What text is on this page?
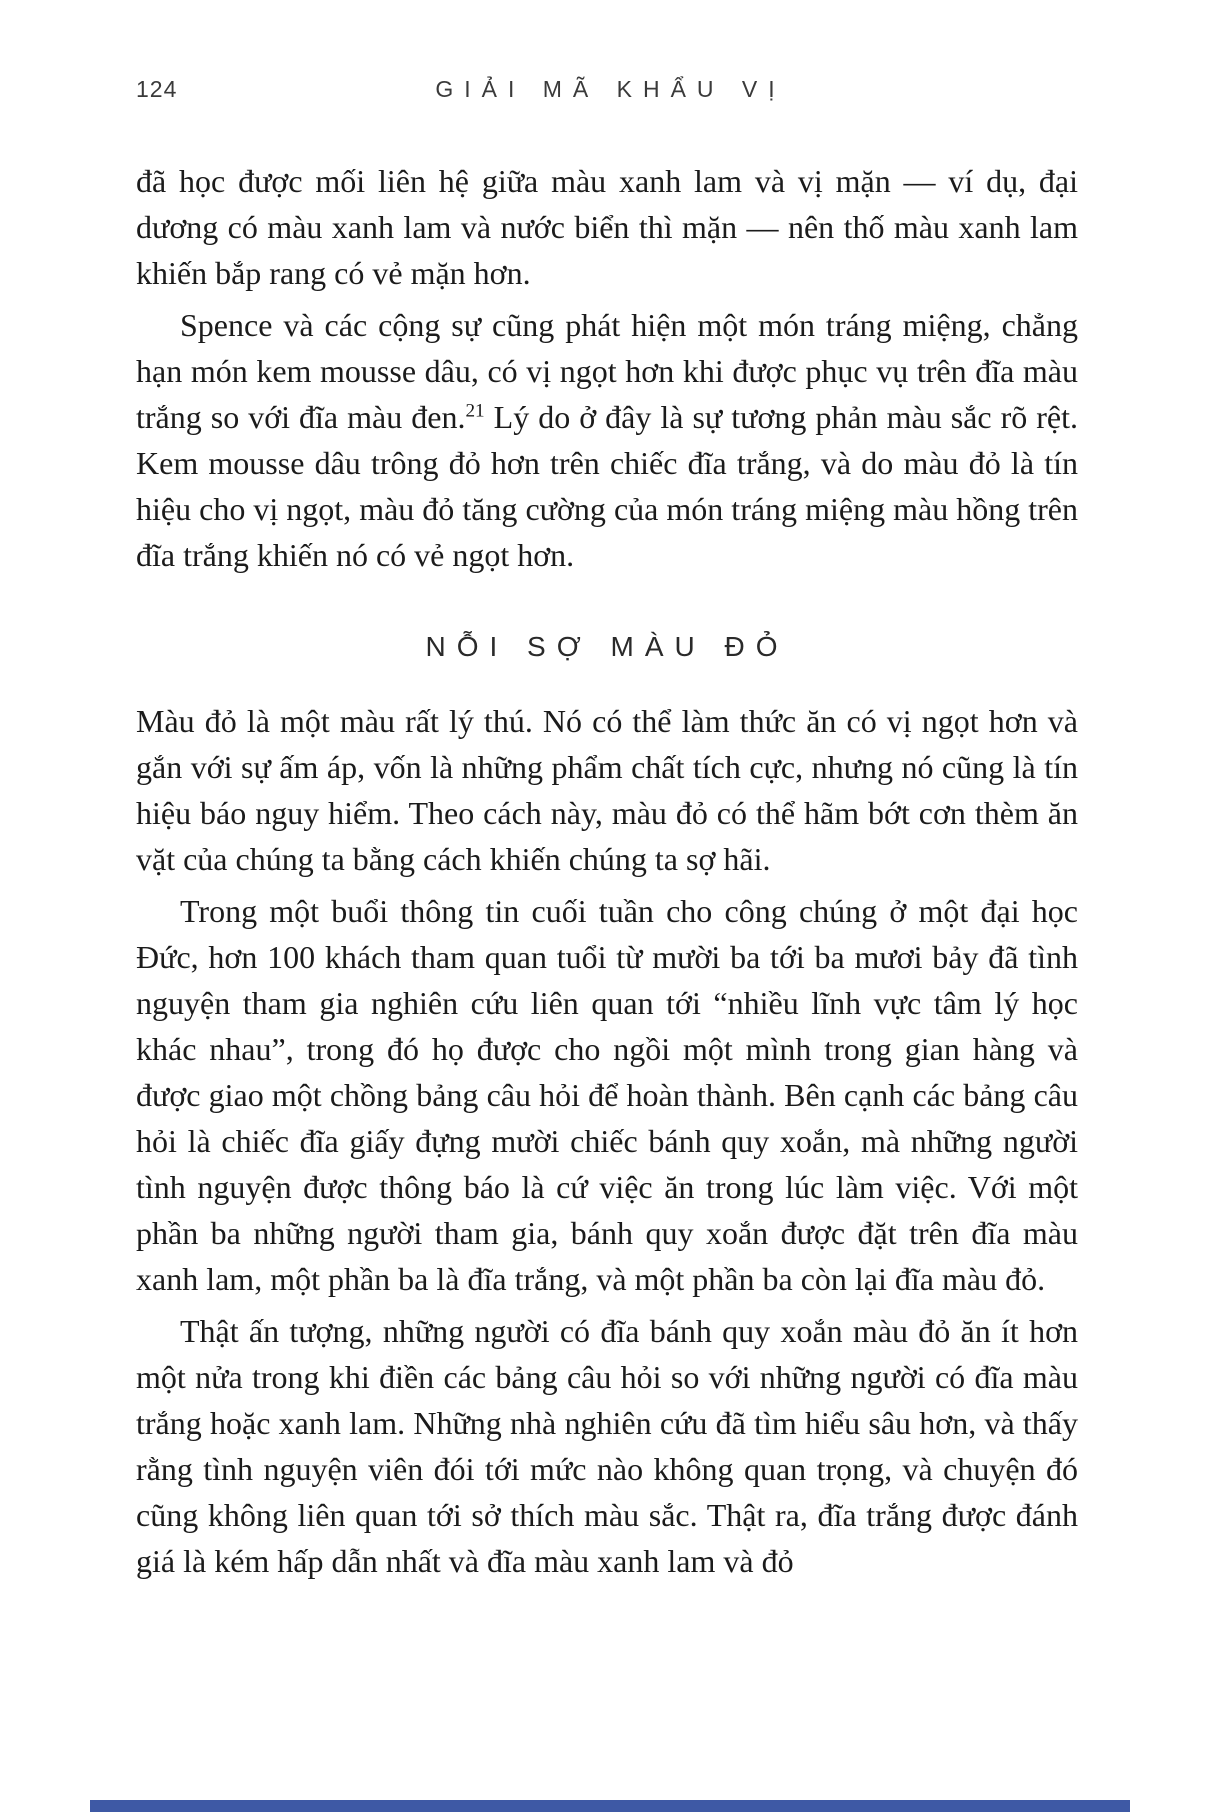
124	GIẢI MÃ KHẨU VỊ

đã học được mối liên hệ giữa màu xanh lam và vị mặn — ví dụ, đại dương có màu xanh lam và nước biển thì mặn — nên thố màu xanh lam khiến bắp rang có vẻ mặn hơn.

Spence và các cộng sự cũng phát hiện một món tráng miệng, chẳng hạn món kem mousse dâu, có vị ngọt hơn khi được phục vụ trên đĩa màu trắng so với đĩa màu đen.$^{21}$ Lý do ở đây là sự tương phản màu sắc rõ rệt. Kem mousse dâu trông đỏ hơn trên chiếc đĩa trắng, và do màu đỏ là tín hiệu cho vị ngọt, màu đỏ tăng cường của món tráng miệng màu hồng trên đĩa trắng khiến nó có vẻ ngọt hơn.

NỖI SỢ MÀU ĐỎ

Màu đỏ là một màu rất lý thú. Nó có thể làm thức ăn có vị ngọt hơn và gắn với sự ấm áp, vốn là những phẩm chất tích cực, nhưng nó cũng là tín hiệu báo nguy hiểm. Theo cách này, màu đỏ có thể hãm bớt cơn thèm ăn vặt của chúng ta bằng cách khiến chúng ta sợ hãi.

Trong một buổi thông tin cuối tuần cho công chúng ở một đại học Đức, hơn 100 khách tham quan tuổi từ mười ba tới ba mươi bảy đã tình nguyện tham gia nghiên cứu liên quan tới “nhiều lĩnh vực tâm lý học khác nhau”, trong đó họ được cho ngồi một mình trong gian hàng và được giao một chồng bảng câu hỏi để hoàn thành. Bên cạnh các bảng câu hỏi là chiếc đĩa giấy đựng mười chiếc bánh quy xoắn, mà những người tình nguyện được thông báo là cứ việc ăn trong lúc làm việc. Với một phần ba những người tham gia, bánh quy xoắn được đặt trên đĩa màu xanh lam, một phần ba là đĩa trắng, và một phần ba còn lại đĩa màu đỏ.

Thật ấn tượng, những người có đĩa bánh quy xoắn màu đỏ ăn ít hơn một nửa trong khi điền các bảng câu hỏi so với những người có đĩa màu trắng hoặc xanh lam. Những nhà nghiên cứu đã tìm hiểu sâu hơn, và thấy rằng tình nguyện viên đói tới mức nào không quan trọng, và chuyện đó cũng không liên quan tới sở thích màu sắc. Thật ra, đĩa trắng được đánh giá là kém hấp dẫn nhất và đĩa màu xanh lam và đỏ
